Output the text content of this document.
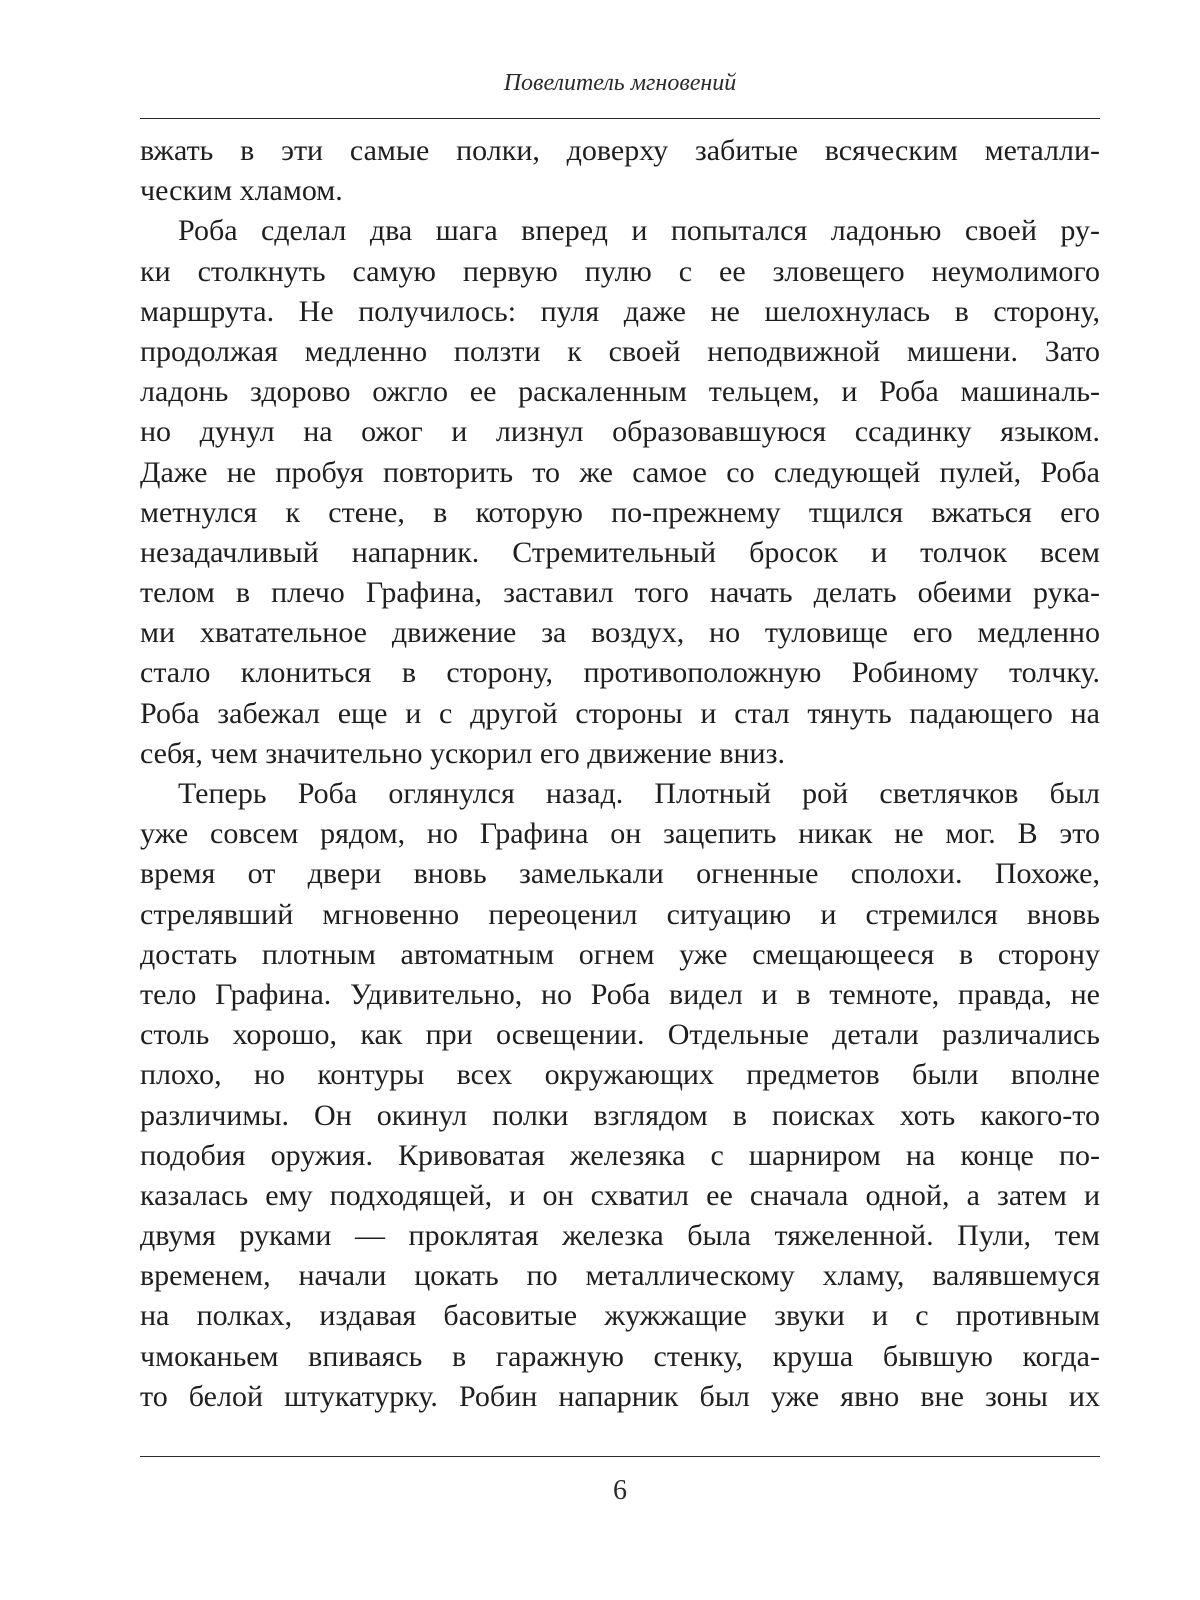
Повелитель мгновений
вжать в эти самые полки, доверху забитые всяческим металли-
ческим хламом.
Роба сделал два шага вперед и попытался ладонью своей ру-
ки столкнуть самую первую пулю с ее зловещего неумолимого
маршрута. Не получилось: пуля даже не шелохнулась в сторону,
продолжая медленно ползти к своей неподвижной мишени. Зато
ладонь здорово ожгло ее раскаленным тельцем, и Роба машиналь-
но дунул на ожог и лизнул образовавшуюся ссадинку языком.
Даже не пробуя повторить то же самое со следующей пулей, Роба
метнулся к стене, в которую по-прежнему тщился вжаться его
незадачливый напарник. Стремительный бросок и толчок всем
телом в плечо Графина, заставил того начать делать обеими рука-
ми хватательное движение за воздух, но туловище его медленно
стало клониться в сторону, противоположную Робиному толчку.
Роба забежал еще и с другой стороны и стал тянуть падающего на
себя, чем значительно ускорил его движение вниз.
Теперь Роба оглянулся назад. Плотный рой светлячков был
уже совсем рядом, но Графина он зацепить никак не мог. В это
время от двери вновь замелькали огненные сполохи. Похоже,
стрелявший мгновенно переоценил ситуацию и стремился вновь
достать плотным автоматным огнем уже смещающееся в сторону
тело Графина. Удивительно, но Роба видел и в темноте, правда, не
столь хорошо, как при освещении. Отдельные детали различались
плохо, но контуры всех окружающих предметов были вполне
различимы. Он окинул полки взглядом в поисках хоть какого-то
подобия оружия. Кривоватая железяка с шарниром на конце по-
казалась ему подходящей, и он схватил ее сначала одной, а затем и
двумя руками — проклятая железка была тяжеленной. Пули, тем
временем, начали цокать по металлическому хламу, валявшемуся
на полках, издавая басовитые жужжащие звуки и с противным
чмоканьем впиваясь в гаражную стенку, круша бывшую когда-
то белой штукатурку. Робин напарник был уже явно вне зоны их
6
